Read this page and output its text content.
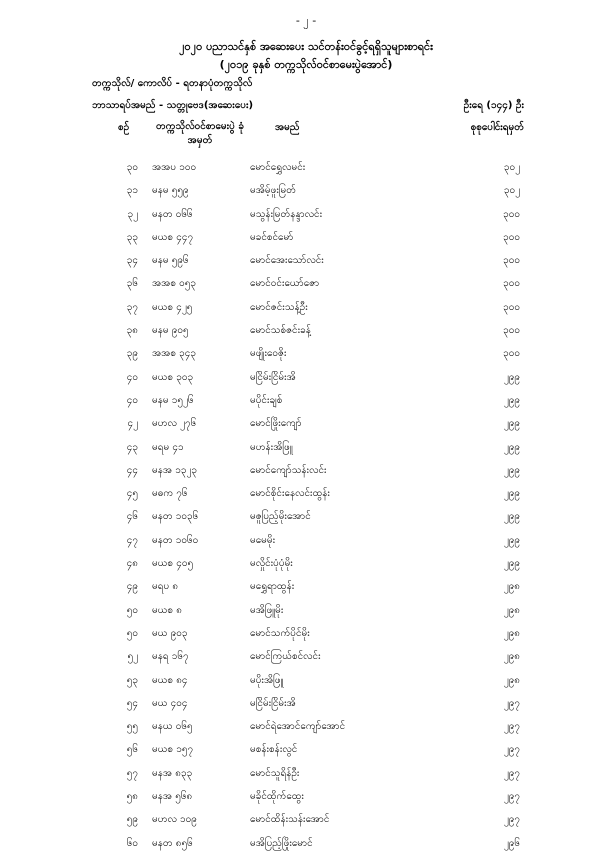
- ၂ -
၂၀၂၀ ပညာသင်နှစ် အဆေးပေး သင်တန်းဝင်ခွင့်ရရှိသူများစာရင်း
(၂၀၁၉ ခုနှစ် တက္ကသိုလ်ဝင်စာမေးပွဲအောင်)
တက္ကသိုလ်/ ကောလိပ် - ရတနာပုံတက္ကသိုလ်
ဘာသာရပ်အမည် - သတ္တုဗေဒ(အဆေးပေး)	ဦးရေ (၁၄၄) ဦး
စဉ်	တက္ကသိုလ်ဝင်စာမေးပွဲ ခုံအမှတ်
အမည်	စုစုပေါင်းရမှတ်
၃၀ အအပ ၁၀၀	မောင်ရွှေလမင်း	၃၀၂
၃၁ မနမ ၅၅၉	မအိမ့်ဖူးမြတ်	၃၀၂
၃၂ မနတ ၀၆၆	မသွန်းမြတ်နန္ဒာလင်း	၃၀၀
၃၃ မယစ ၄၄၇	မခင်စင်မော်	၃၀၀
၃၄ မနမ ၅၉၆	မောင်အေးသော်လင်း	၃၀၀
၃၆ အအစ ၀၅၃	မောင်ဝင်းယော်ဇော	၃၀၀
၃၇ မယစ ၄၂၅	မောင်ဇင်းသန့်ဦး	၃၀၀
၃၈ မနမ ၉၀၅	မောင်သစ်ဇင်းခန့်	၃၀၀
၃၉ အအစ ၃၄၃	မဖျိုးဝေဇိုး	၃၀၀
၄၀ မယစ ၃၀၃	မငြိမ်းငြိမ်းအိ	၂၉၉
၄၀ မနမ ၁၅၂၆	မပိုင်းချစ်	၂၉၉
၄၂ မဟလ ၂၇၆	မောင်ဖြိုးကျော်	၂၉၉
၄၃ မရမ ၄၁	မဟန်းအိဖြူ	၂၉၉
၄၄ မနအ ၁၃၂၃	မောင်ကျော်သန်းလင်း	၂၉၉
၄၅ မဓက ၇၆	မောင်စိုင်းနေလင်းထွန်း	၂၉၉
၄၆ မနတ ၁၀၃၆	မဇူပြည့်မိုးအောင်	၂၉၉
၄၇ မနတ ၁၀၆၀	မမေမိုး	၂၉၉
၄၈ မယစ ၄၀၅	မလှိုင်းပုံပုံမိုး	၂၉၉
၄၉ မရပ ၈	မရွှေရာထွန်း	၂၉၈
၅၀ မယစ ၈	မအိဖြူမိုး	၂၉၈
၅၀ မယ ၉၀၃	မောင်သက်ပိုင်မိုး	၂၉၈
၅၂ မနရ ၁၆၇	မောင်ကြယ်စင်လင်း	၂၉၈
၅၃ မယစ ၈၄	မပိုးအိဖြူ	၂၉၈
၅၄ မယ ၄၀၄	မငြိမ်းငြိမ်းအိ	၂၉၇
၅၅ မနယ ၀၆၅	မောင်ရဲအောင်ကျော်အောင်	၂၉၇
၅၆ မယစ ၁၅၇	မစန်းစန်းလွင်	၂၉၇
၅၇ မနအ ၈၃၃	မောင်သူရိန်ဦး	၂၉၇
၅၈ မနအ ၅၆၈	မခိုင်ထိုက်ထွေး	၂၉၇
၅၉ မဟလ ၁၀၉	မောင်ထိန်းသန်းအောင်	၂၉၇
၆၀ မနတ ၈၅၆	မအိပြည့်ဖြိုးမောင်	၂၉၆
